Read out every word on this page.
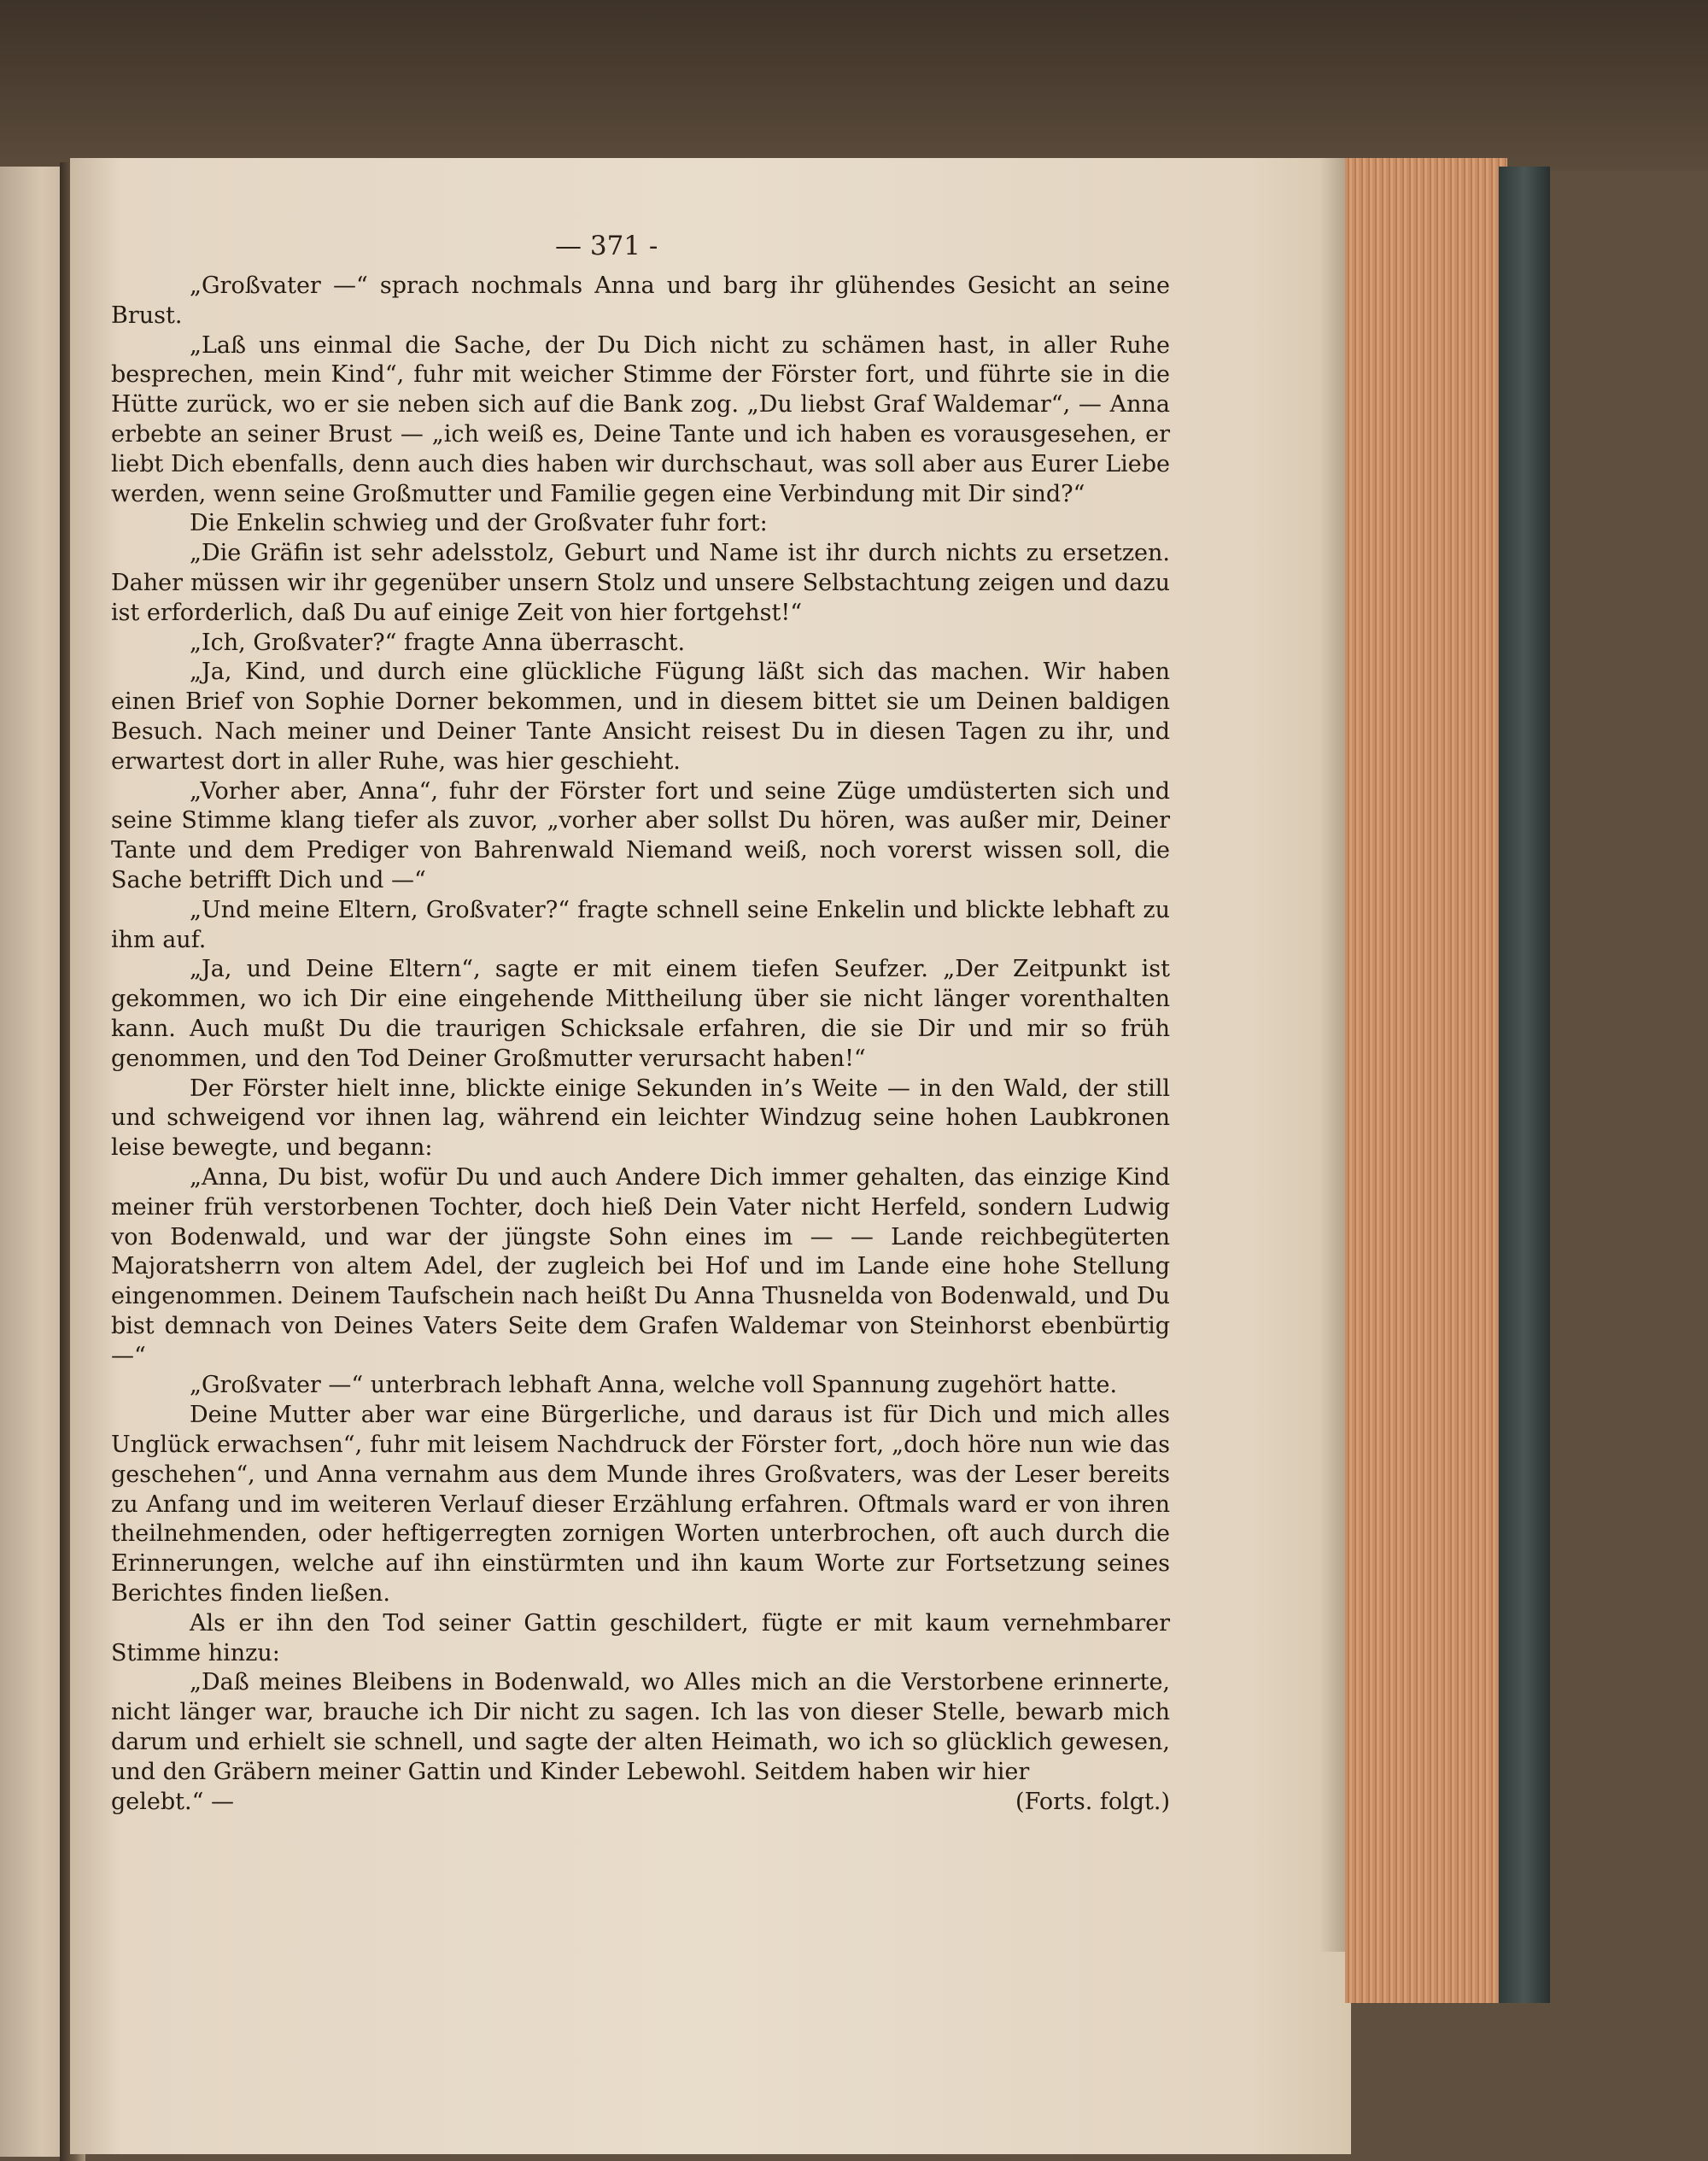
— 371 -

„Großvater —“ sprach nochmals Anna und barg ihr glühendes Gesicht an seine Brust.

„Laß uns einmal die Sache, der Du Dich nicht zu schämen hast, in aller Ruhe besprechen, mein Kind“, fuhr mit weicher Stimme der Förster fort, und führte sie in die Hütte zurück, wo er sie neben sich auf die Bank zog. „Du liebst Graf Waldemar“, — Anna erbebte an seiner Brust — „ich weiß es, Deine Tante und ich haben es vorausgesehen, er liebt Dich ebenfalls, denn auch dies haben wir durchschaut, was soll aber aus Eurer Liebe werden, wenn seine Großmutter und Familie gegen eine Verbindung mit Dir sind?“

Die Enkelin schwieg und der Großvater fuhr fort:

„Die Gräfin ist sehr adelsstolz, Geburt und Name ist ihr durch nichts zu ersetzen. Daher müssen wir ihr gegenüber unsern Stolz und unsere Selbstachtung zeigen und dazu ist erforderlich, daß Du auf einige Zeit von hier fortgehst!“

„Ich, Großvater?“ fragte Anna überrascht.

„Ja, Kind, und durch eine glückliche Fügung läßt sich das machen. Wir haben einen Brief von Sophie Dorner bekommen, und in diesem bittet sie um Deinen baldigen Besuch. Nach meiner und Deiner Tante Ansicht reisest Du in diesen Tagen zu ihr, und erwartest dort in aller Ruhe, was hier geschieht.

„Vorher aber, Anna“, fuhr der Förster fort und seine Züge umdüsterten sich und seine Stimme klang tiefer als zuvor, „vorher aber sollst Du hören, was außer mir, Deiner Tante und dem Prediger von Bahrenwald Niemand weiß, noch vorerst wissen soll, die Sache betrifft Dich und —“

„Und meine Eltern, Großvater?“ fragte schnell seine Enkelin und blickte lebhaft zu ihm auf.

„Ja, und Deine Eltern“, sagte er mit einem tiefen Seufzer. „Der Zeitpunkt ist gekommen, wo ich Dir eine eingehende Mittheilung über sie nicht länger vorenthalten kann. Auch mußt Du die traurigen Schicksale erfahren, die sie Dir und mir so früh genommen, und den Tod Deiner Großmutter verursacht haben!“

Der Förster hielt inne, blickte einige Sekunden in’s Weite — in den Wald, der still und schweigend vor ihnen lag, während ein leichter Windzug seine hohen Laubkronen leise bewegte, und begann:

„Anna, Du bist, wofür Du und auch Andere Dich immer gehalten, das einzige Kind meiner früh verstorbenen Tochter, doch hieß Dein Vater nicht Herfeld, sondern Ludwig von Bodenwald, und war der jüngste Sohn eines im — — Lande reichbegüterten Majoratsherrn von altem Adel, der zugleich bei Hof und im Lande eine hohe Stellung eingenommen. Deinem Taufschein nach heißt Du Anna Thusnelda von Bodenwald, und Du bist demnach von Deines Vaters Seite dem Grafen Waldemar von Steinhorst ebenbürtig —“

„Großvater —“ unterbrach lebhaft Anna, welche voll Spannung zugehört hatte.

Deine Mutter aber war eine Bürgerliche, und daraus ist für Dich und mich alles Unglück erwachsen“, fuhr mit leisem Nachdruck der Förster fort, „doch höre nun wie das geschehen“, und Anna vernahm aus dem Munde ihres Großvaters, was der Leser bereits zu Anfang und im weiteren Verlauf dieser Erzählung erfahren. Oftmals ward er von ihren theilnehmenden, oder heftigerregten zornigen Worten unterbrochen, oft auch durch die Erinnerungen, welche auf ihn einstürmten und ihn kaum Worte zur Fortsetzung seines Berichtes finden ließen.

Als er ihn den Tod seiner Gattin geschildert, fügte er mit kaum vernehmbarer Stimme hinzu:

„Daß meines Bleibens in Bodenwald, wo Alles mich an die Verstorbene erinnerte, nicht länger war, brauche ich Dir nicht zu sagen. Ich las von dieser Stelle, bewarb mich darum und erhielt sie schnell, und sagte der alten Heimath, wo ich so glücklich gewesen, und den Gräbern meiner Gattin und Kinder Lebewohl. Seitdem haben wir hier

gelebt.“ —	(Forts. folgt.)
